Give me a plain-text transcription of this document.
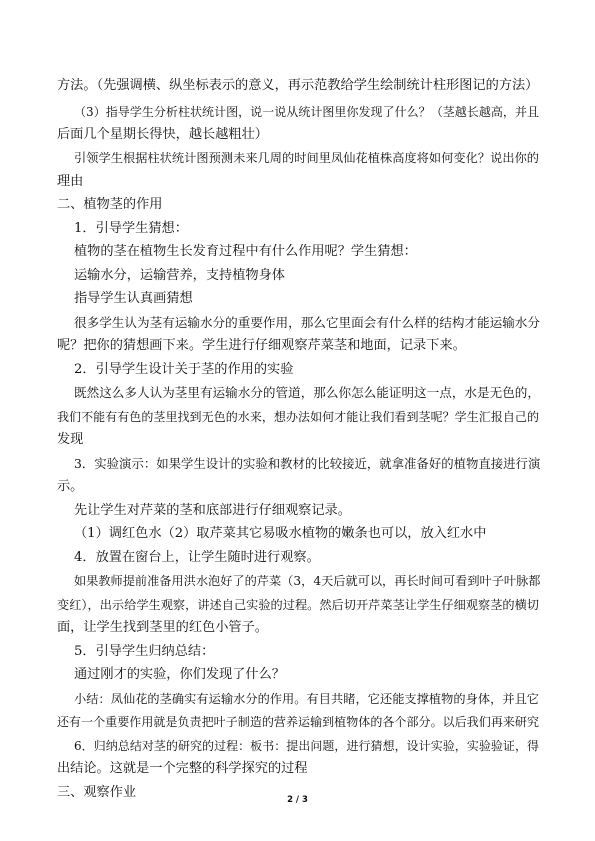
方法。（先强调横、纵坐标表示的意义，再示范教给学生绘制统计柱形图记的方法）
（3）指导学生分析柱状统计图，说一说从统计图里你发现了什么？（茎越长越高，并且
后面几个星期长得快，越长越粗壮）
引领学生根据柱状统计图预测未来几周的时间里凤仙花植株高度将如何变化？说出你的
理由
二、植物茎的作用
1．引导学生猜想：
植物的茎在植物生长发育过程中有什么作用呢？学生猜想：
运输水分，运输营养，支持植物身体
指导学生认真画猜想
很多学生认为茎有运输水分的重要作用，那么它里面会有什么样的结构才能运输水分
呢？把你的猜想画下来。学生进行仔细观察芹菜茎和地面，记录下来。
2．引导学生设计关于茎的作用的实验
既然这么多人认为茎里有运输水分的管道，那么你怎么能证明这一点，水是无色的，
我们不能有有色的茎里找到无色的水来，想办法如何才能让我们看到茎呢？学生汇报自己的
发现
3．实验演示：如果学生设计的实验和教材的比较接近，就拿准备好的植物直接进行演
示。
先让学生对芹菜的茎和底部进行仔细观察记录。
（1）调红色水（2）取芹菜其它易吸水植物的嫩条也可以，放入红水中
4．放置在窗台上，让学生随时进行观察。
如果教师提前准备用洪水泡好了的芹菜（3，4天后就可以，再长时间可看到叶子叶脉都
变红），出示给学生观察，讲述自己实验的过程。然后切开芹菜茎让学生仔细观察茎的横切
面，让学生找到茎里的红色小管子。
5．引导学生归纳总结：
通过刚才的实验，你们发现了什么？
小结：凤仙花的茎确实有运输水分的作用。有目共睹，它还能支撑植物的身体，并且它
还有一个重要作用就是负责把叶子制造的营养运输到植物体的各个部分。以后我们再来研究
6．归纳总结对茎的研究的过程：板书：提出问题，进行猜想，设计实验，实验验证，得
出结论。这就是一个完整的科学探究的过程
三、观察作业	2 / 3
